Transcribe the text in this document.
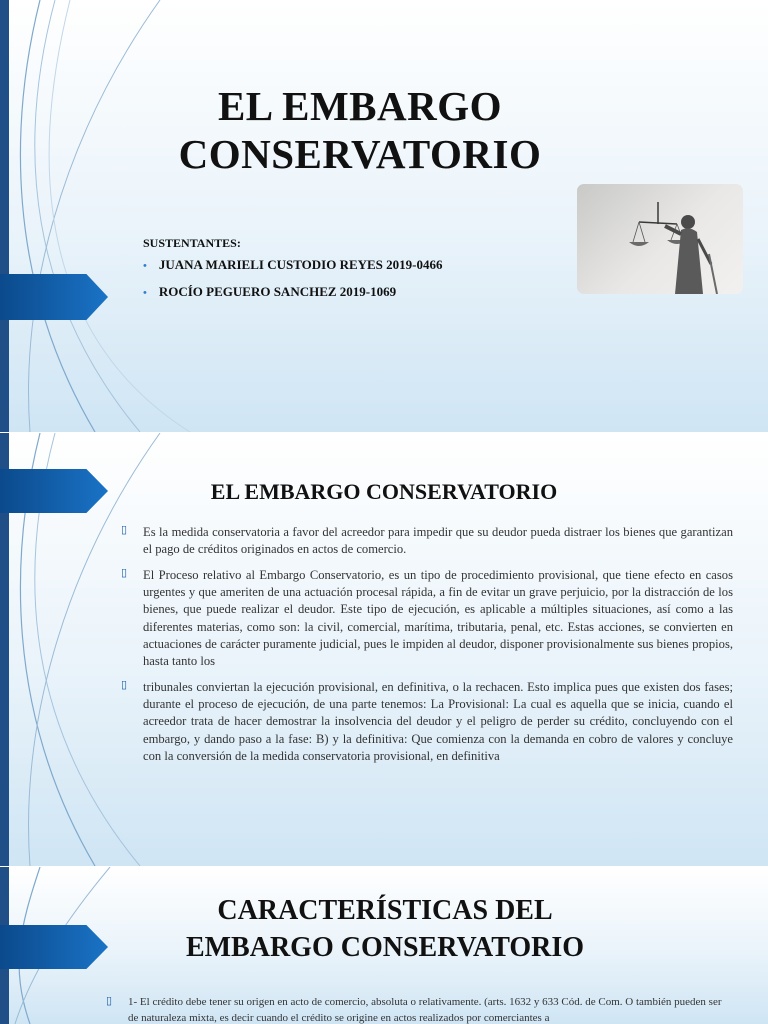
EL EMBARGO CONSERVATORIO
SUSTENTANTES:
• JUANA MARIELI CUSTODIO REYES 2019-0466
• ROCÍO PEGUERO SANCHEZ 2019-1069
EL EMBARGO CONSERVATORIO
▯ Es la medida conservatoria a favor del acreedor para impedir que su deudor pueda distraer los bienes que garantizan el pago de créditos originados en actos de comercio.
▯ El Proceso relativo al Embargo Conservatorio, es un tipo de procedimiento provisional, que tiene efecto en casos urgentes y que ameriten de una actuación procesal rápida, a fin de evitar un grave perjuicio, por la distracción de los bienes, que puede realizar el deudor. Este tipo de ejecución, es aplicable a múltiples situaciones, así como a las diferentes materias, como son: la civil, comercial, marítima, tributaria, penal, etc. Estas acciones, se convierten en actuaciones de carácter puramente judicial, pues le impiden al deudor, disponer provisionalmente sus bienes propios, hasta tanto los
▯ tribunales conviertan la ejecución provisional, en definitiva, o la rechacen. Esto implica pues que existen dos fases; durante el proceso de ejecución, de una parte tenemos: La Provisional: La cual es aquella que se inicia, cuando el acreedor trata de hacer demostrar la insolvencia del deudor y el peligro de perder su crédito, concluyendo con el embargo, y dando paso a la fase: B) y la definitiva: Que comienza con la demanda en cobro de valores y concluye con la conversión de la medida conservatoria provisional, en definitiva
CARACTERÍSTICAS DEL EMBARGO CONSERVATORIO
▯ 1- El crédito debe tener su origen en acto de comercio, absoluta o relativamente. (arts. 1632 y 633 Cód. de Com. O también pueden ser de naturaleza mixta, es decir cuando el crédito se origine en actos realizados por comerciantes a
